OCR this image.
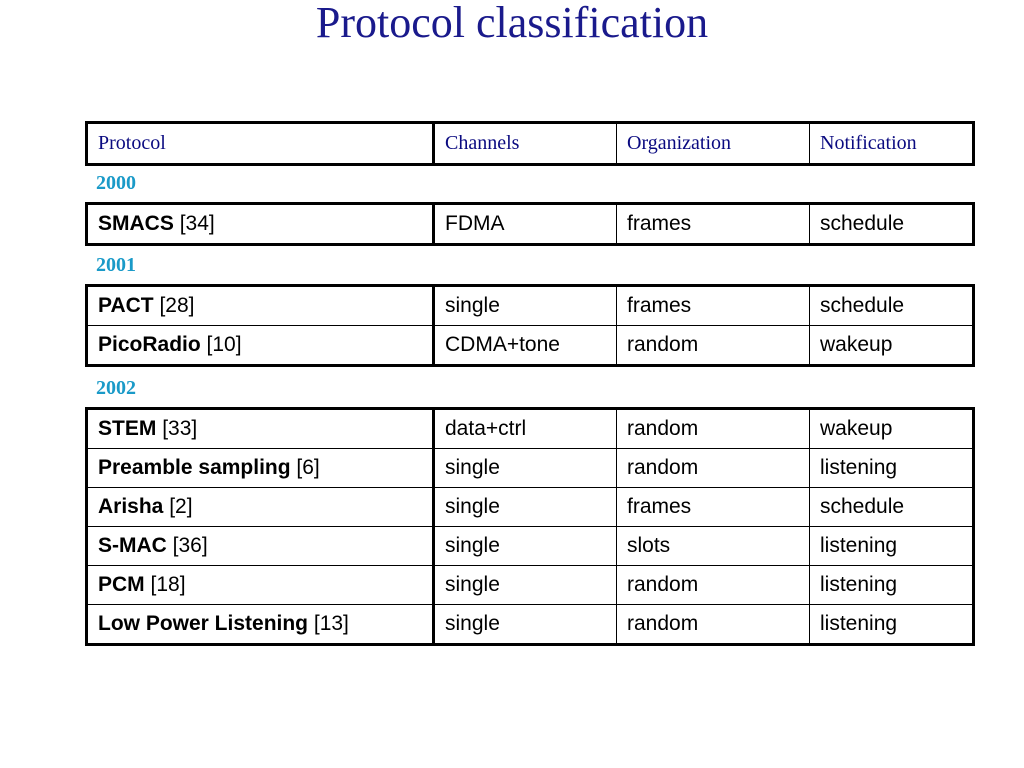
Protocol classification
Protocol	Channels	Organization	Notification
2000
SMACS [34]	FDMA	frames	schedule
2001
PACT [28]	single	frames	schedule
PicoRadio [10]	CDMA+tone	random	wakeup
2002
STEM [33]	data+ctrl	random	wakeup
Preamble sampling [6]	single	random	listening
Arisha [2]	single	frames	schedule
S-MAC [36]	single	slots	listening
PCM [18]	single	random	listening
Low Power Listening [13]	single	random	listening
